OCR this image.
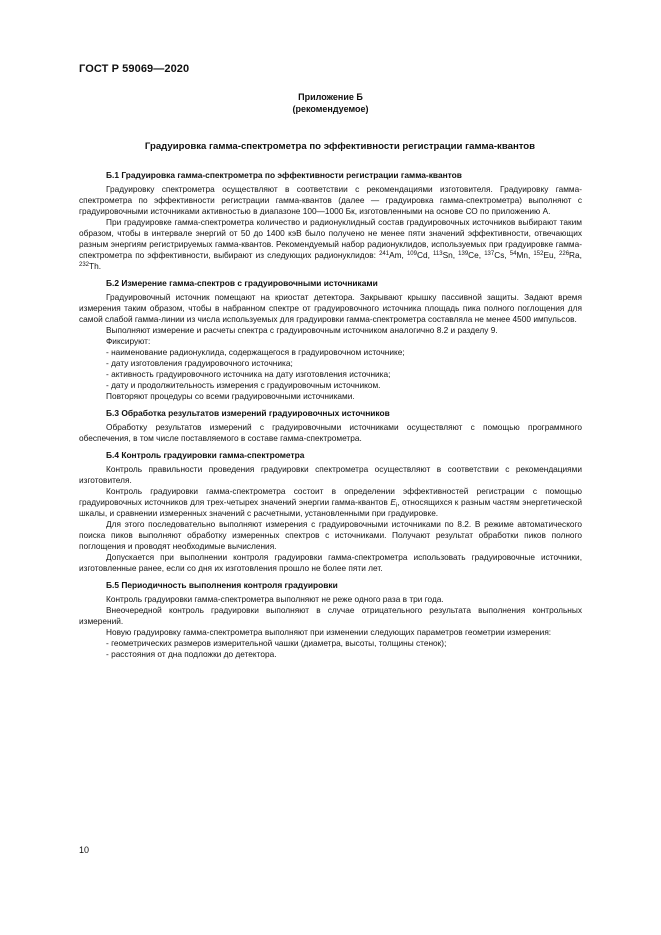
ГОСТ Р 59069—2020
Приложение Б
(рекомендуемое)
Градуировка гамма-спектрометра по эффективности регистрации гамма-квантов
Б.1 Градуировка гамма-спектрометра по эффективности регистрации гамма-квантов

Градуировку спектрометра осуществляют в соответствии с рекомендациями изготовителя. Градуировку гамма-спектрометра по эффективности регистрации гамма-квантов (далее — градуировка гамма-спектрометра) выполняют с градуировочными источниками активностью в диапазоне 100—1000 Бк, изготовленными на основе СО по приложению А.

При градуировке гамма-спектрометра количество и радионуклидный состав градуировочных источников выбирают таким образом, чтобы в интервале энергий от 50 до 1400 кэВ было получено не менее пяти значений эффективности, отвечающих разным энергиям регистрируемых гамма-квантов. Рекомендуемый набор радионуклидов, используемых при градуировке гамма-спектрометра по эффективности, выбирают из следующих радионуклидов: $^{241}$Am, $^{109}$Cd, $^{113}$Sn, $^{139}$Ce, $^{137}$Cs, $^{54}$Mn, $^{152}$Eu, $^{226}$Ra, $^{232}$Th.

Б.2 Измерение гамма-спектров с градуировочными источниками

Градуировочный источник помещают на криостат детектора. Закрывают крышку пассивной защиты. Задают время измерения таким образом, чтобы в набранном спектре от градуировочного источника площадь пика полного поглощения для самой слабой гамма-линии из числа используемых для градуировки гамма-спектрометра составляла не менее 4500 импульсов.

Выполняют измерение и расчеты спектра с градуировочным источником аналогично 8.2 и разделу 9.

Фиксируют:

- наименование радионуклида, содержащегося в градуировочном источнике;
- дату изготовления градуировочного источника;
- активность градуировочного источника на дату изготовления источника;
- дату и продолжительность измерения с градуировочным источником.

Повторяют процедуры со всеми градуировочными источниками.

Б.3 Обработка результатов измерений градуировочных источников

Обработку результатов измерений с градуировочными источниками осуществляют с помощью программного обеспечения, в том числе поставляемого в составе гамма-спектрометра.

Б.4 Контроль градуировки гамма-спектрометра

Контроль правильности проведения градуировки спектрометра осуществляют в соответствии с рекомендациями изготовителя.

Контроль градуировки гамма-спектрометра состоит в определении эффективностей регистрации с помощью градуировочных источников для трех-четырех значений энергии гамма-квантов $E_i$, относящихся к разным частям энергетической шкалы, и сравнении измеренных значений с расчетными, установленными при градуировке.

Для этого последовательно выполняют измерения с градуировочными источниками по 8.2. В режиме автоматического поиска пиков выполняют обработку измеренных спектров с источниками. Получают результат обработки пиков полного поглощения и проводят необходимые вычисления.

Допускается при выполнении контроля градуировки гамма-спектрометра использовать градуировочные источники, изготовленные ранее, если со дня их изготовления прошло не более пяти лет.

Б.5 Периодичность выполнения контроля градуировки

Контроль градуировки гамма-спектрометра выполняют не реже одного раза в три года.

Внеочередной контроль градуировки выполняют в случае отрицательного результата выполнения контрольных измерений.

Новую градуировку гамма-спектрометра выполняют при изменении следующих параметров геометрии измерения:

- геометрических размеров измерительной чашки (диаметра, высоты, толщины стенок);
- расстояния от дна подложки до детектора.
10
